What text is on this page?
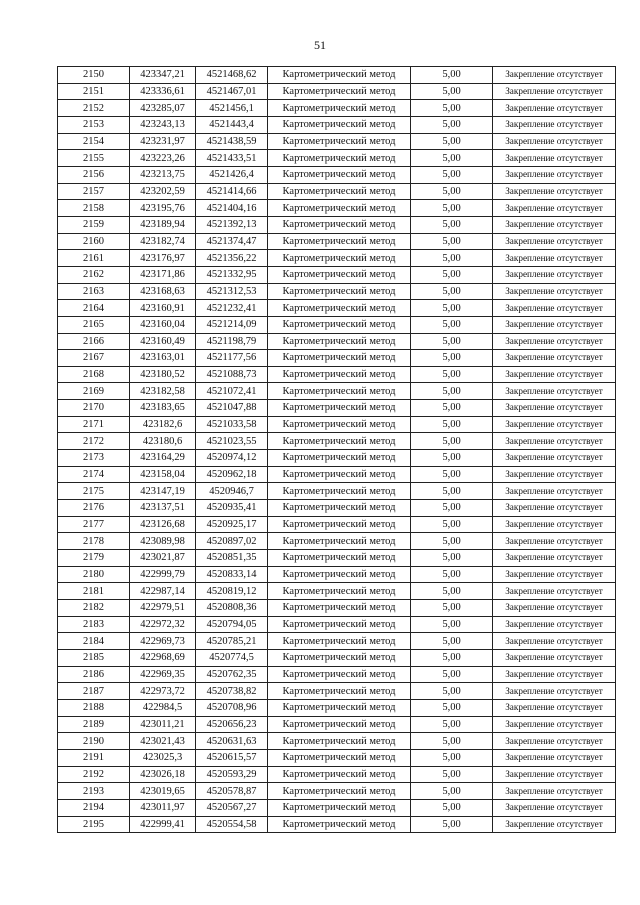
51
2150	423347,21	4521468,62	Картометрический метод	5,00	Закрепление отсутствует
2151	423336,61	4521467,01	Картометрический метод	5,00	Закрепление отсутствует
2152	423285,07	4521456,1	Картометрический метод	5,00	Закрепление отсутствует
2153	423243,13	4521443,4	Картометрический метод	5,00	Закрепление отсутствует
2154	423231,97	4521438,59	Картометрический метод	5,00	Закрепление отсутствует
2155	423223,26	4521433,51	Картометрический метод	5,00	Закрепление отсутствует
2156	423213,75	4521426,4	Картометрический метод	5,00	Закрепление отсутствует
2157	423202,59	4521414,66	Картометрический метод	5,00	Закрепление отсутствует
2158	423195,76	4521404,16	Картометрический метод	5,00	Закрепление отсутствует
2159	423189,94	4521392,13	Картометрический метод	5,00	Закрепление отсутствует
2160	423182,74	4521374,47	Картометрический метод	5,00	Закрепление отсутствует
2161	423176,97	4521356,22	Картометрический метод	5,00	Закрепление отсутствует
2162	423171,86	4521332,95	Картометрический метод	5,00	Закрепление отсутствует
2163	423168,63	4521312,53	Картометрический метод	5,00	Закрепление отсутствует
2164	423160,91	4521232,41	Картометрический метод	5,00	Закрепление отсутствует
2165	423160,04	4521214,09	Картометрический метод	5,00	Закрепление отсутствует
2166	423160,49	4521198,79	Картометрический метод	5,00	Закрепление отсутствует
2167	423163,01	4521177,56	Картометрический метод	5,00	Закрепление отсутствует
2168	423180,52	4521088,73	Картометрический метод	5,00	Закрепление отсутствует
2169	423182,58	4521072,41	Картометрический метод	5,00	Закрепление отсутствует
2170	423183,65	4521047,88	Картометрический метод	5,00	Закрепление отсутствует
2171	423182,6	4521033,58	Картометрический метод	5,00	Закрепление отсутствует
2172	423180,6	4521023,55	Картометрический метод	5,00	Закрепление отсутствует
2173	423164,29	4520974,12	Картометрический метод	5,00	Закрепление отсутствует
2174	423158,04	4520962,18	Картометрический метод	5,00	Закрепление отсутствует
2175	423147,19	4520946,7	Картометрический метод	5,00	Закрепление отсутствует
2176	423137,51	4520935,41	Картометрический метод	5,00	Закрепление отсутствует
2177	423126,68	4520925,17	Картометрический метод	5,00	Закрепление отсутствует
2178	423089,98	4520897,02	Картометрический метод	5,00	Закрепление отсутствует
2179	423021,87	4520851,35	Картометрический метод	5,00	Закрепление отсутствует
2180	422999,79	4520833,14	Картометрический метод	5,00	Закрепление отсутствует
2181	422987,14	4520819,12	Картометрический метод	5,00	Закрепление отсутствует
2182	422979,51	4520808,36	Картометрический метод	5,00	Закрепление отсутствует
2183	422972,32	4520794,05	Картометрический метод	5,00	Закрепление отсутствует
2184	422969,73	4520785,21	Картометрический метод	5,00	Закрепление отсутствует
2185	422968,69	4520774,5	Картометрический метод	5,00	Закрепление отсутствует
2186	422969,35	4520762,35	Картометрический метод	5,00	Закрепление отсутствует
2187	422973,72	4520738,82	Картометрический метод	5,00	Закрепление отсутствует
2188	422984,5	4520708,96	Картометрический метод	5,00	Закрепление отсутствует
2189	423011,21	4520656,23	Картометрический метод	5,00	Закрепление отсутствует
2190	423021,43	4520631,63	Картометрический метод	5,00	Закрепление отсутствует
2191	423025,3	4520615,57	Картометрический метод	5,00	Закрепление отсутствует
2192	423026,18	4520593,29	Картометрический метод	5,00	Закрепление отсутствует
2193	423019,65	4520578,87	Картометрический метод	5,00	Закрепление отсутствует
2194	423011,97	4520567,27	Картометрический метод	5,00	Закрепление отсутствует
2195	422999,41	4520554,58	Картометрический метод	5,00	Закрепление отсутствует
